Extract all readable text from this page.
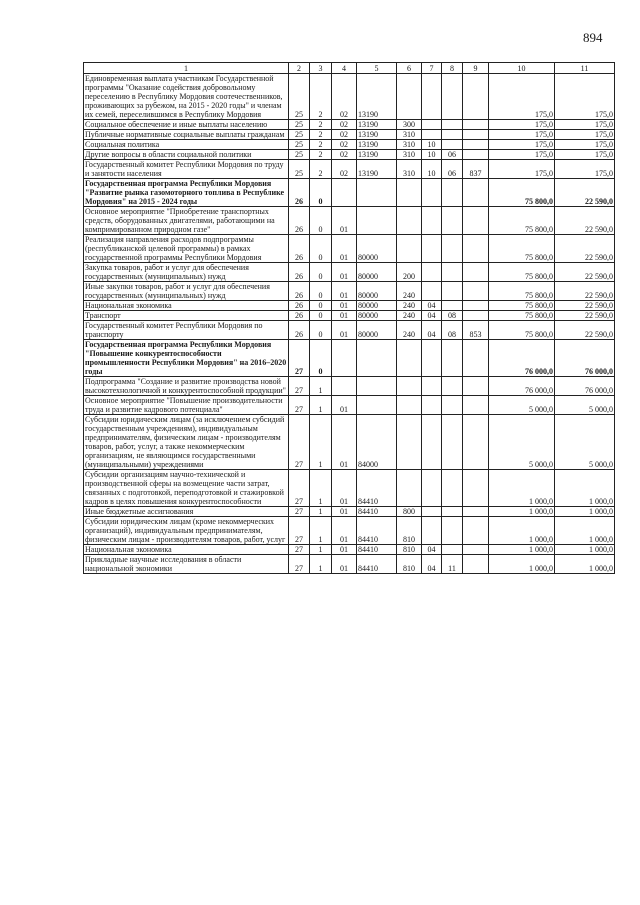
894
1	2	3	4	5	6	7	8	9	10	11
Единовременная выплата участникам Государственной программы "Оказание содействия добровольному переселению в Республику Мордовия соотечественников, проживающих за рубежом, на 2015 - 2020 годы" и членам их семей, переселившимся в Республику Мордовия	25	2	02	13190					175,0	175,0
Социальное обеспечение и иные выплаты населению	25	2	02	13190	300				175,0	175,0
Публичные нормативные социальные выплаты гражданам	25	2	02	13190	310				175,0	175,0
Социальная политика	25	2	02	13190	310	10			175,0	175,0
Другие вопросы в области социальной политики	25	2	02	13190	310	10	06		175,0	175,0
Государственный комитет Республики Мордовия по труду и занятости населения	25	2	02	13190	310	10	06	837	175,0	175,0
Государственная программа Республики Мордовия "Развитие рынка газомоторного топлива в Республике Мордовия" на 2015 - 2024 годы	26	0							75 800,0	22 590,0
Основное мероприятие "Приобретение транспортных средств, оборудованных двигателями, работающими на компримированном природном газе"	26	0	01						75 800,0	22 590,0
Реализация направления расходов подпрограммы (республиканской целевой программы) в рамках государственной программы Республики Мордовия	26	0	01	80000					75 800,0	22 590,0
Закупка товаров, работ и услуг для обеспечения государственных (муниципальных) нужд	26	0	01	80000	200				75 800,0	22 590,0
Иные закупки товаров, работ и услуг для обеспечения государственных (муниципальных) нужд	26	0	01	80000	240				75 800,0	22 590,0
Национальная экономика	26	0	01	80000	240	04			75 800,0	22 590,0
Транспорт	26	0	01	80000	240	04	08		75 800,0	22 590,0
Государственный комитет Республики Мордовия по транспорту	26	0	01	80000	240	04	08	853	75 800,0	22 590,0
Государственная программа Республики Мордовия "Повышение конкурентоспособности промышленности Республики Мордовия" на 2016–2020 годы	27	0							76 000,0	76 000,0
Подпрограмма "Создание и развитие производства новой высокотехнологичной и конкурентоспособной продукции"	27	1							76 000,0	76 000,0
Основное мероприятие "Повышение производительности труда и развитие кадрового потенциала"	27	1	01						5 000,0	5 000,0
Субсидии юридическим лицам (за исключением субсидий государственным учреждениям), индивидуальным предпринимателям, физическим лицам - производителям товаров, работ, услуг, а также некоммерческим организациям, не являющимся государственными (муниципальными) учреждениями	27	1	01	84000					5 000,0	5 000,0
Субсидии организациям научно-технической и производственной сферы на возмещение части затрат, связанных с подготовкой, переподготовкой и стажировкой кадров в целях повышения конкурентоспособности	27	1	01	84410					1 000,0	1 000,0
Иные бюджетные ассигнования	27	1	01	84410	800				1 000,0	1 000,0
Субсидии юридическим лицам (кроме некоммерческих организаций), индивидуальным предпринимателям, физическим лицам - производителям товаров, работ, услуг	27	1	01	84410	810				1 000,0	1 000,0
Национальная экономика	27	1	01	84410	810	04			1 000,0	1 000,0
Прикладные научные исследования в области национальной экономики	27	1	01	84410	810	04	11		1 000,0	1 000,0
